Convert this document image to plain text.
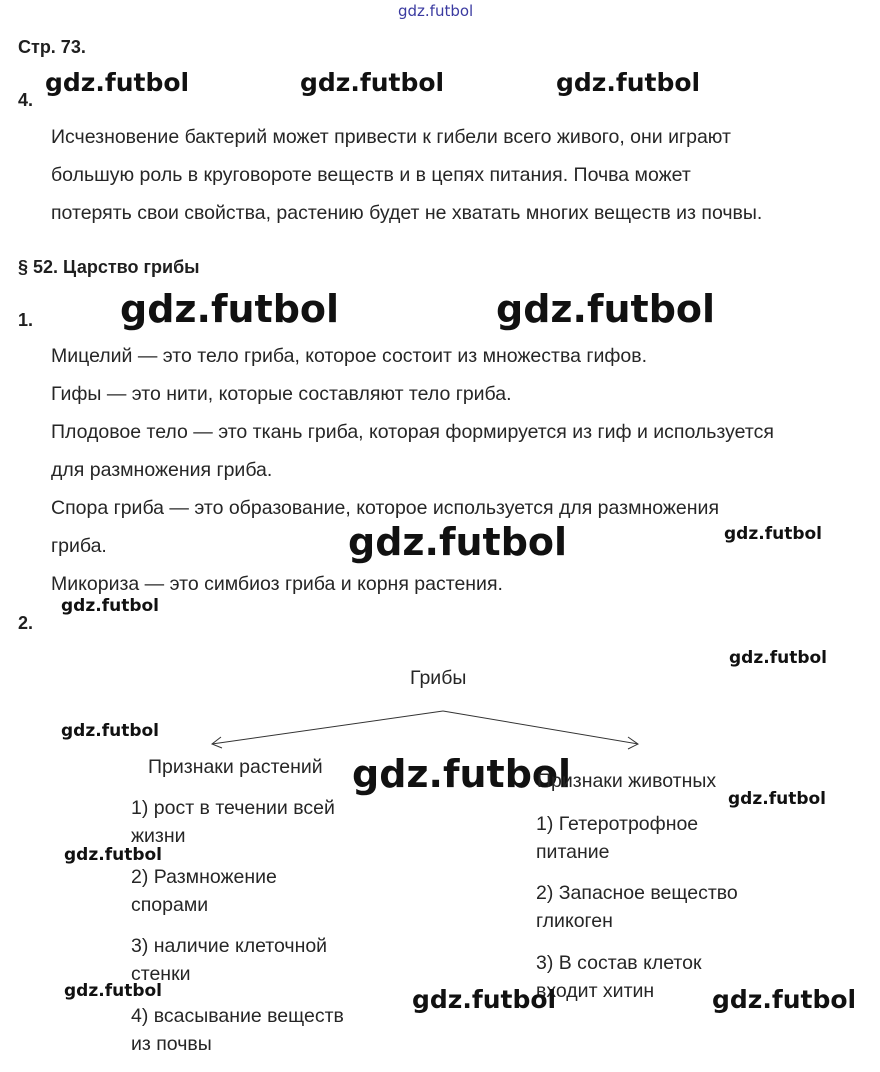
gdz.futbol
Стр. 73.
gdz.futbol	gdz.futbol	gdz.futbol
4.
Исчезновение бактерий может привести к гибели всего живого, они играют
большую роль в круговороте веществ и в цепях питания. Почва может
потерять свои свойства, растению будет не хватать многих веществ из почвы.
§ 52. Царство грибы
gdz.futbol	gdz.futbol
1.
Мицелий — это тело гриба, которое состоит из множества гифов.
Гифы — это нити, которые составляют тело гриба.
Плодовое тело — это ткань гриба, которая формируется из гиф и используется
для размножения гриба.
Спора гриба — это образование, которое используется для размножения
гриба.	gdz.futbol	gdz.futbol
Микориза — это симбиоз гриба и корня растения.
gdz.futbol
2.
gdz.futbol
Грибы
gdz.futbol
Признаки растений gdz.futbol
Признаки животных
gdz.futbol
1) рост в течении всей жизни
2) Размножение спорами
3) наличие клеточной стенки
4) всасывание веществ из почвы
gdz.futbol
gdz.futbol
1) Гетеротрофное питание
2) Запасное вещество гликоген
3) В состав клеток входит хитин
gdz.futbol	gdz.futbol
